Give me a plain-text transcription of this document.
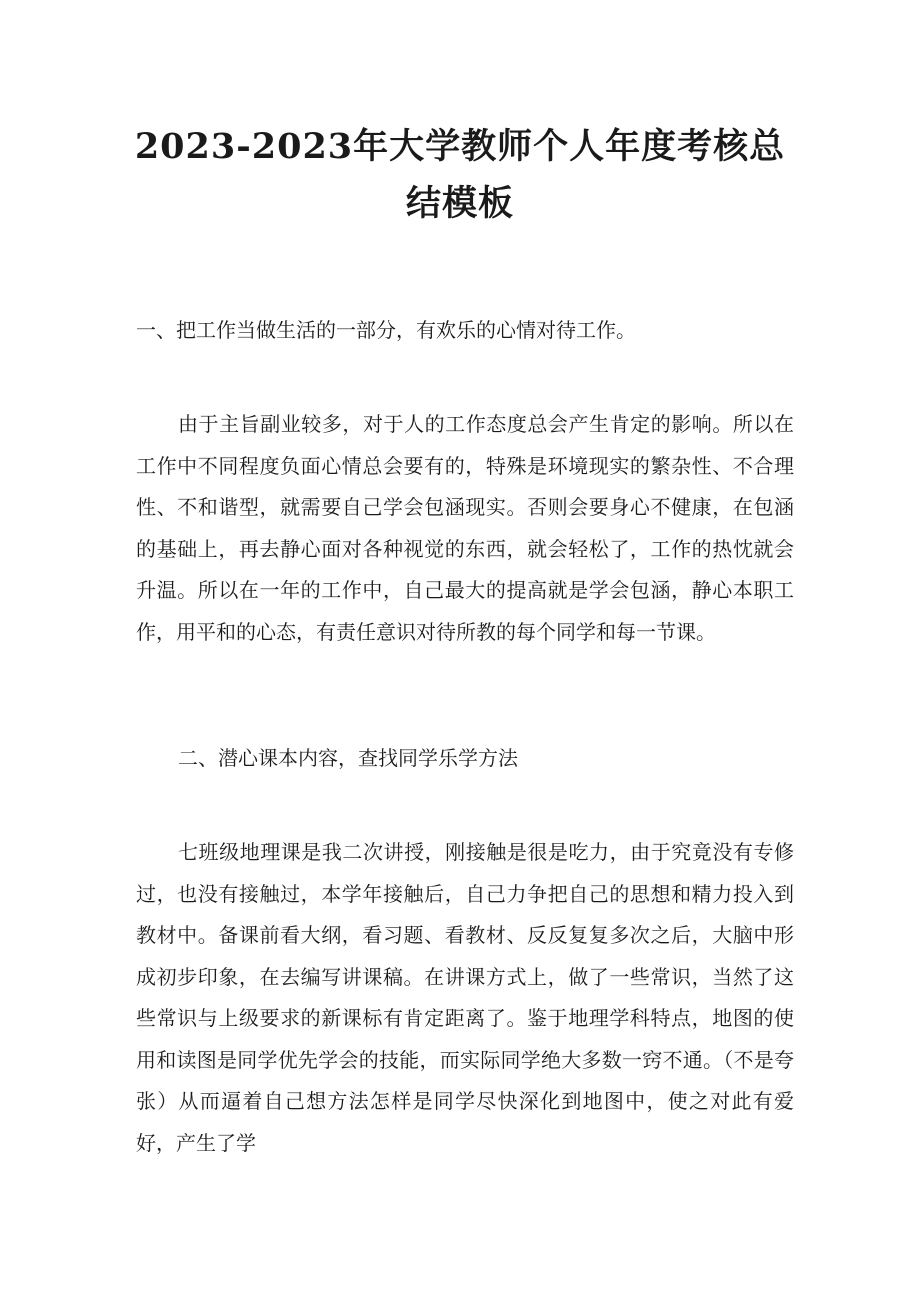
2023-2023年大学教师个人年度考核总结模板

一、把工作当做生活的一部分，有欢乐的心情对待工作。

由于主旨副业较多，对于人的工作态度总会产生肯定的影响。所以在工作中不同程度负面心情总会要有的，特殊是环境现实的繁杂性、不合理性、不和谐型，就需要自己学会包涵现实。否则会要身心不健康，在包涵的基础上，再去静心面对各种视觉的东西，就会轻松了，工作的热忱就会升温。所以在一年的工作中，自己最大的提高就是学会包涵，静心本职工作，用平和的心态，有责任意识对待所教的每个同学和每一节课。

二、潜心课本内容，查找同学乐学方法

七班级地理课是我二次讲授，刚接触是很是吃力，由于究竟没有专修过，也没有接触过，本学年接触后，自己力争把自己的思想和精力投入到教材中。备课前看大纲，看习题、看教材、反反复复多次之后，大脑中形成初步印象，在去编写讲课稿。在讲课方式上，做了一些常识，当然了这些常识与上级要求的新课标有肯定距离了。鉴于地理学科特点，地图的使用和读图是同学优先学会的技能，而实际同学绝大多数一窍不通。（不是夸张）从而逼着自己想方法怎样是同学尽快深化到地图中，使之对此有爱好，产生了学
